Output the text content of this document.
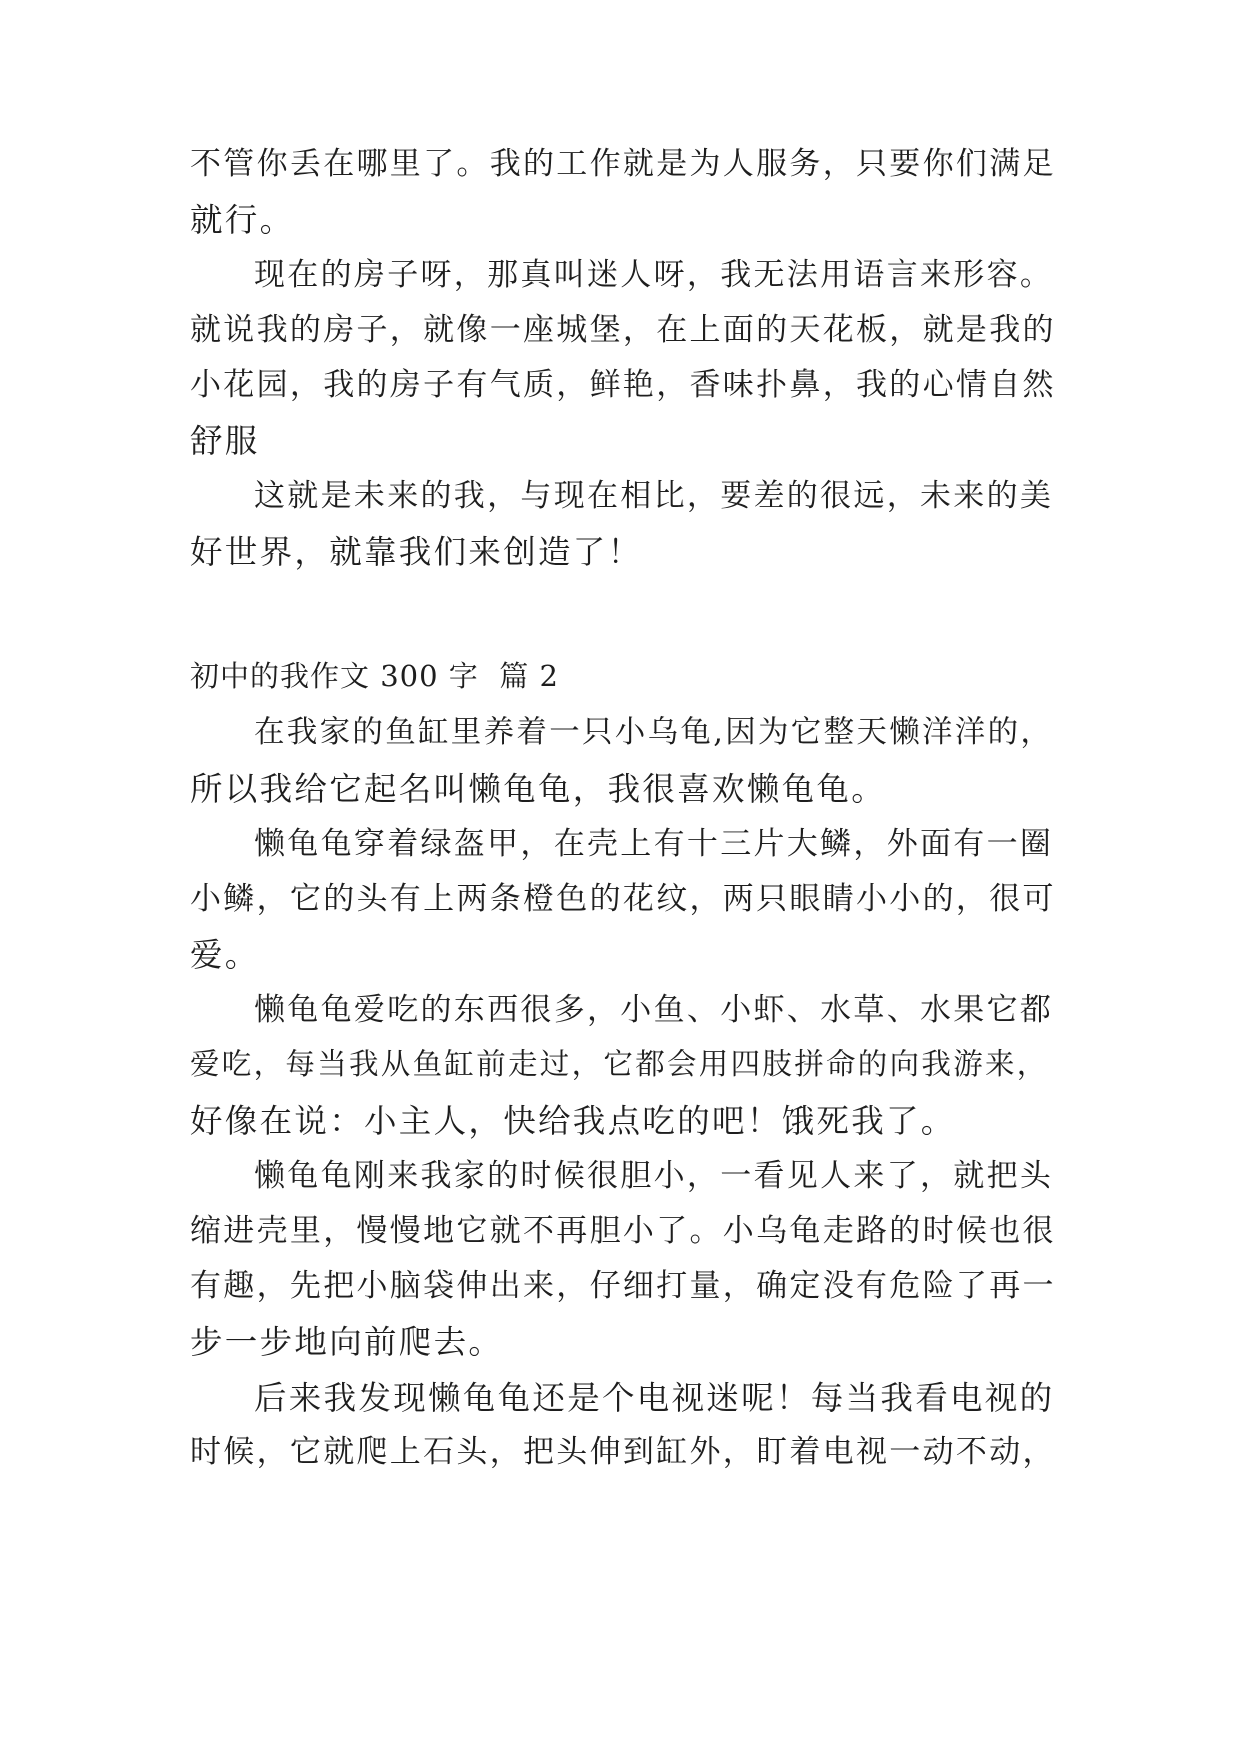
不管你丢在哪里了。我的工作就是为人服务，只要你们满足
就行。
现在的房子呀，那真叫迷人呀，我无法用语言来形容。
就说我的房子，就像一座城堡，在上面的天花板，就是我的
小花园，我的房子有气质，鲜艳，香味扑鼻，我的心情自然
舒服
这就是未来的我，与现在相比，要差的很远，未来的美
好世界，就靠我们来创造了！
初中的我作文 300 字  篇 2
在我家的鱼缸里养着一只小乌龟,因为它整天懒洋洋的，
所以我给它起名叫懒龟龟，我很喜欢懒龟龟。
懒龟龟穿着绿盔甲，在壳上有十三片大鳞，外面有一圈
小鳞，它的头有上两条橙色的花纹，两只眼睛小小的，很可
爱。
懒龟龟爱吃的东西很多，小鱼、小虾、水草、水果它都
爱吃，每当我从鱼缸前走过，它都会用四肢拼命的向我游来，
好像在说：小主人，快给我点吃的吧！饿死我了。
懒龟龟刚来我家的时候很胆小，一看见人来了，就把头
缩进壳里，慢慢地它就不再胆小了。小乌龟走路的时候也很
有趣，先把小脑袋伸出来，仔细打量，确定没有危险了再一
步一步地向前爬去。
后来我发现懒龟龟还是个电视迷呢！每当我看电视的
时候，它就爬上石头，把头伸到缸外，盯着电视一动不动，
